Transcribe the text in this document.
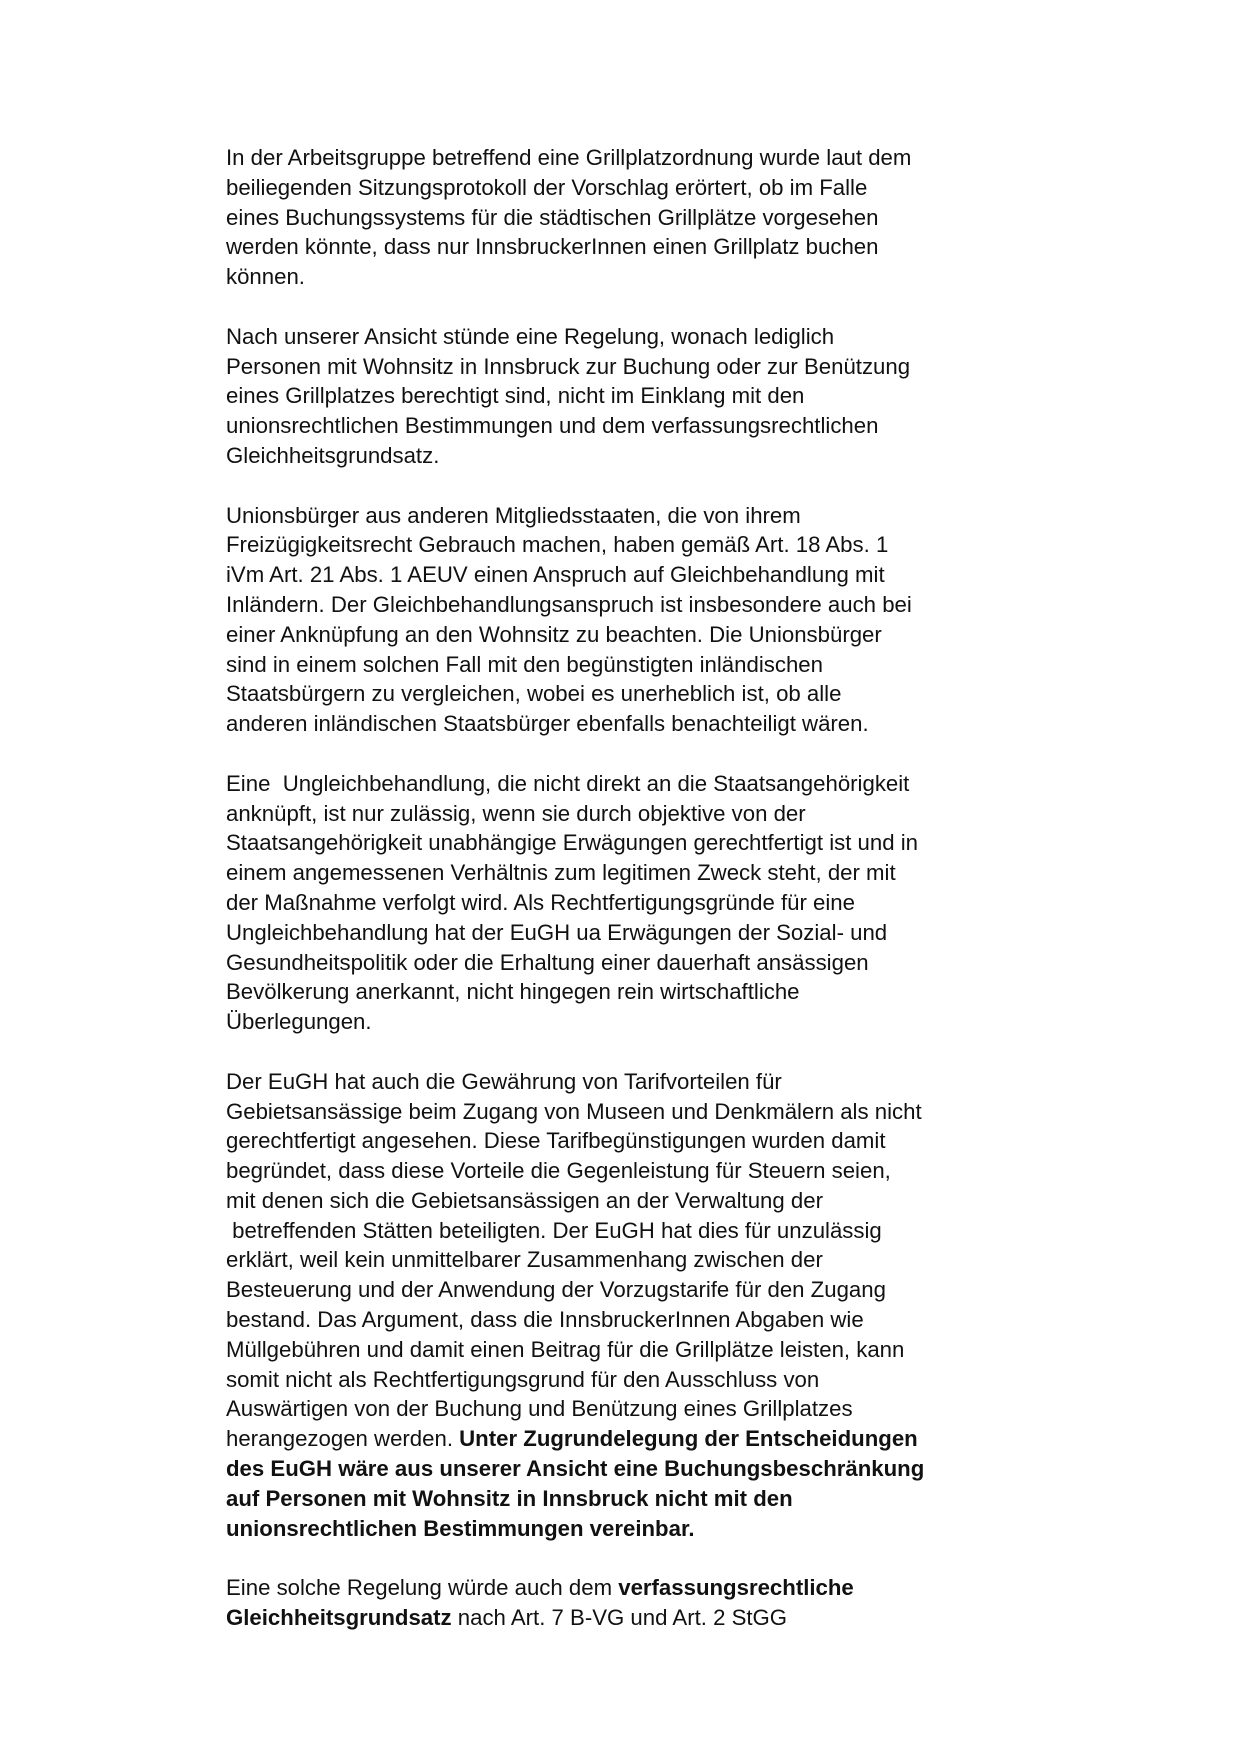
In der Arbeitsgruppe betreffend eine Grillplatzordnung wurde laut dem
beiliegenden Sitzungsprotokoll der Vorschlag erörtert, ob im Falle
eines Buchungssystems für die städtischen Grillplätze vorgesehen
werden könnte, dass nur InnsbruckerInnen einen Grillplatz buchen
können.

Nach unserer Ansicht stünde eine Regelung, wonach lediglich
Personen mit Wohnsitz in Innsbruck zur Buchung oder zur Benützung
eines Grillplatzes berechtigt sind, nicht im Einklang mit den
unionsrechtlichen Bestimmungen und dem verfassungsrechtlichen
Gleichheitsgrundsatz.

Unionsbürger aus anderen Mitgliedsstaaten, die von ihrem
Freizügigkeitsrecht Gebrauch machen, haben gemäß Art. 18 Abs. 1
iVm Art. 21 Abs. 1 AEUV einen Anspruch auf Gleichbehandlung mit
Inländern. Der Gleichbehandlungsanspruch ist insbesondere auch bei
einer Anknüpfung an den Wohnsitz zu beachten. Die Unionsbürger
sind in einem solchen Fall mit den begünstigten inländischen
Staatsbürgern zu vergleichen, wobei es unerheblich ist, ob alle
anderen inländischen Staatsbürger ebenfalls benachteiligt wären.

Eine  Ungleichbehandlung, die nicht direkt an die Staatsangehörigkeit
anknüpft, ist nur zulässig, wenn sie durch objektive von der
Staatsangehörigkeit unabhängige Erwägungen gerechtfertigt ist und in
einem angemessenen Verhältnis zum legitimen Zweck steht, der mit
der Maßnahme verfolgt wird. Als Rechtfertigungsgründe für eine
Ungleichbehandlung hat der EuGH ua Erwägungen der Sozial- und
Gesundheitspolitik oder die Erhaltung einer dauerhaft ansässigen
Bevölkerung anerkannt, nicht hingegen rein wirtschaftliche
Überlegungen.

Der EuGH hat auch die Gewährung von Tarifvorteilen für
Gebietsansässige beim Zugang von Museen und Denkmälern als nicht
gerechtfertigt angesehen. Diese Tarifbegünstigungen wurden damit
begründet, dass diese Vorteile die Gegenleistung für Steuern seien,
mit denen sich die Gebietsansässigen an der Verwaltung der
betreffenden Stätten beteiligten. Der EuGH hat dies für unzulässig
erklärt, weil kein unmittelbarer Zusammenhang zwischen der
Besteuerung und der Anwendung der Vorzugstarife für den Zugang
bestand. Das Argument, dass die InnsbruckerInnen Abgaben wie
Müllgebühren und damit einen Beitrag für die Grillplätze leisten, kann
somit nicht als Rechtfertigungsgrund für den Ausschluss von
Auswärtigen von der Buchung und Benützung eines Grillplatzes
herangezogen werden. Unter Zugrundelegung der Entscheidungen
des EuGH wäre aus unserer Ansicht eine Buchungsbeschränkung
auf Personen mit Wohnsitz in Innsbruck nicht mit den
unionsrechtlichen Bestimmungen vereinbar.

Eine solche Regelung würde auch dem verfassungsrechtliche
Gleichheitsgrundsatz nach Art. 7 B-VG und Art. 2 StGG
